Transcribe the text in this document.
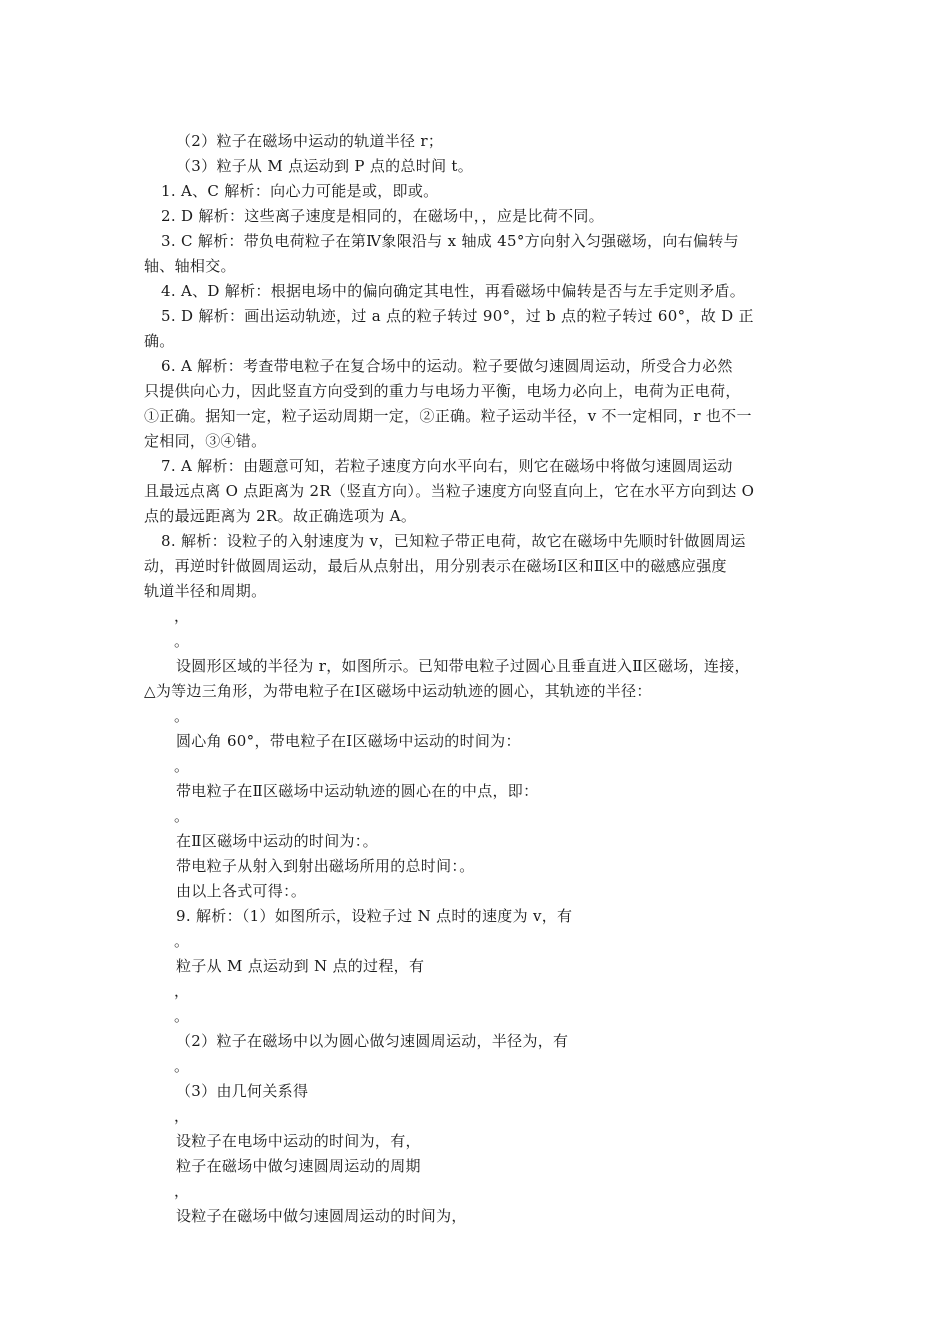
（2）粒子在磁场中运动的轨道半径 r；
（3）粒子从 M 点运动到 P 点的总时间 t。
1. A、C 解析：向心力可能是或，即或。
2. D 解析：这些离子速度是相同的，在磁场中，，应是比荷不同。
3. C 解析：带负电荷粒子在第Ⅳ象限沿与 x 轴成 45°方向射入匀强磁场，向右偏转与
轴、轴相交。
4. A、D 解析：根据电场中的偏向确定其电性，再看磁场中偏转是否与左手定则矛盾。
5. D 解析：画出运动轨迹，过 a 点的粒子转过 90°，过 b 点的粒子转过 60°，故 D 正
确。
6. A 解析：考查带电粒子在复合场中的运动。粒子要做匀速圆周运动，所受合力必然
只提供向心力，因此竖直方向受到的重力与电场力平衡，电场力必向上，电荷为正电荷，
①正确。据知一定，粒子运动周期一定，②正确。粒子运动半径，v 不一定相同，r 也不一
定相同，③④错。
7. A 解析：由题意可知，若粒子速度方向水平向右，则它在磁场中将做匀速圆周运动
且最远点离 O 点距离为 2R（竖直方向）。当粒子速度方向竖直向上，它在水平方向到达 O
点的最远距离为 2R。故正确选项为 A。
8. 解析：设粒子的入射速度为 v，已知粒子带正电荷，故它在磁场中先顺时针做圆周运
动，再逆时针做圆周运动，最后从点射出，用分别表示在磁场Ⅰ区和Ⅱ区中的磁感应强度
轨道半径和周期。
，
。
设圆形区域的半径为 r，如图所示。已知带电粒子过圆心且垂直进入Ⅱ区磁场，连接，
△为等边三角形，为带电粒子在Ⅰ区磁场中运动轨迹的圆心，其轨迹的半径：
。
圆心角 60°，带电粒子在Ⅰ区磁场中运动的时间为：
。
带电粒子在Ⅱ区磁场中运动轨迹的圆心在的中点，即：
。
在Ⅱ区磁场中运动的时间为：。
带电粒子从射入到射出磁场所用的总时间：。
由以上各式可得：。
9. 解析：（1）如图所示，设粒子过 N 点时的速度为 v，有
。
粒子从 M 点运动到 N 点的过程，有
，
。
（2）粒子在磁场中以为圆心做匀速圆周运动，半径为，有
。
（3）由几何关系得
，
设粒子在电场中运动的时间为，有，
粒子在磁场中做匀速圆周运动的周期
，
设粒子在磁场中做匀速圆周运动的时间为，
